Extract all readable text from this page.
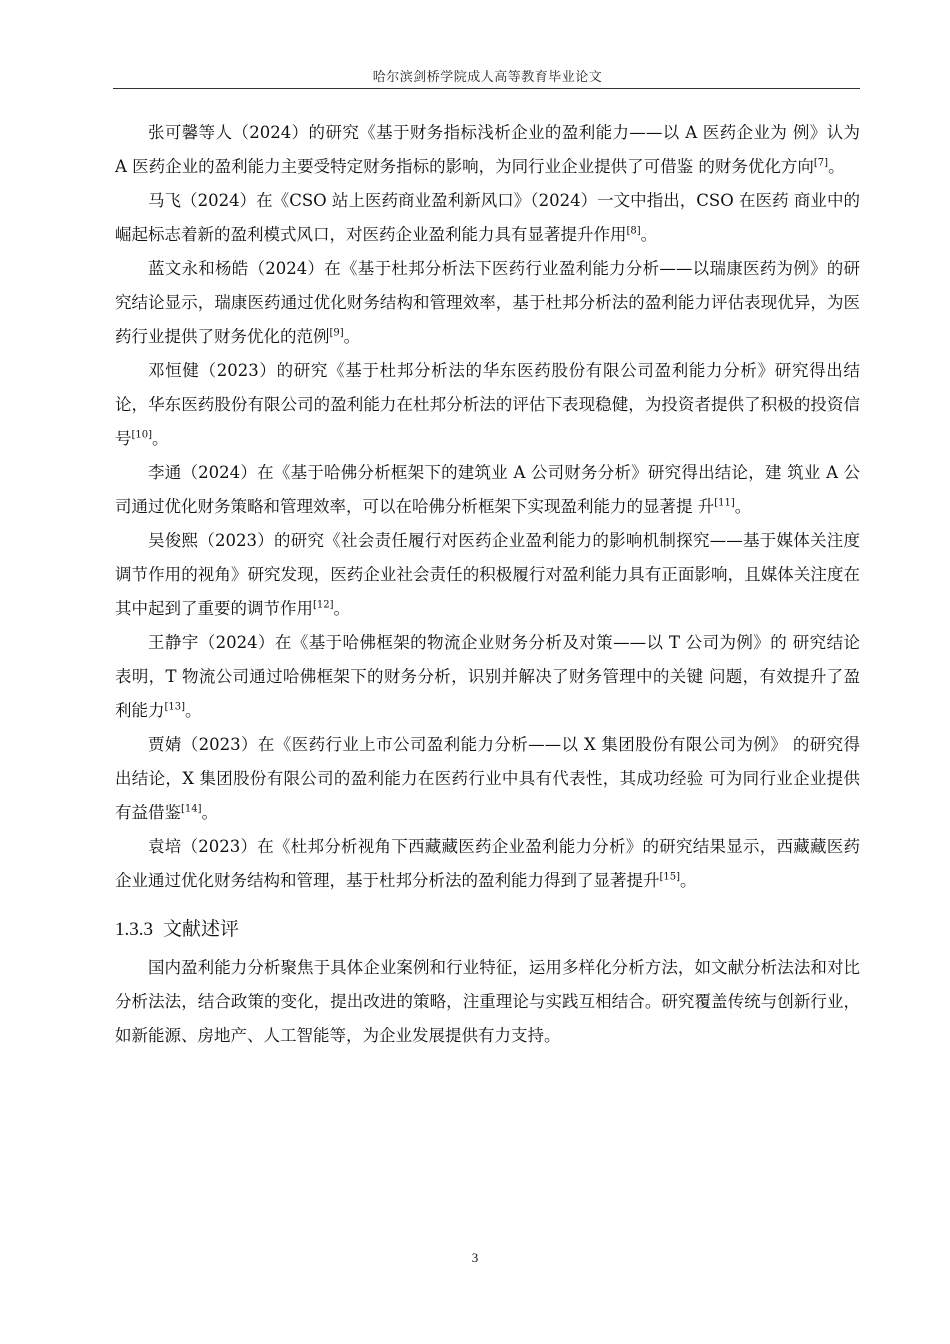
哈尔滨剑桥学院成人高等教育毕业论文

张可馨等人（2024）的研究《基于财务指标浅析企业的盈利能力——以 A 医药企业为 例》认为 A 医药企业的盈利能力主要受特定财务指标的影响，为同行业企业提供了可借鉴 的财务优化方向[7]。

马飞（2024）在《CSO 站上医药商业盈利新风口》（2024）一文中指出，CSO 在医药 商业中的崛起标志着新的盈利模式风口，对医药企业盈利能力具有显著提升作用[8]。

蓝文永和杨皓（2024）在《基于杜邦分析法下医药行业盈利能力分析——以瑞康医药为例》的研究结论显示，瑞康医药通过优化财务结构和管理效率，基于杜邦分析法的盈利能力评估表现优异，为医药行业提供了财务优化的范例[9]。

邓恒健（2023）的研究《基于杜邦分析法的华东医药股份有限公司盈利能力分析》研究得出结论，华东医药股份有限公司的盈利能力在杜邦分析法的评估下表现稳健，为投资者提供了积极的投资信号[10]。

李通（2024）在《基于哈佛分析框架下的建筑业 A 公司财务分析》研究得出结论，建 筑业 A 公司通过优化财务策略和管理效率，可以在哈佛分析框架下实现盈利能力的显著提 升[11]。

吴俊熙（2023）的研究《社会责任履行对医药企业盈利能力的影响机制探究——基于媒体关注度调节作用的视角》研究发现，医药企业社会责任的积极履行对盈利能力具有正面影响，且媒体关注度在其中起到了重要的调节作用[12]。

王静宇（2024）在《基于哈佛框架的物流企业财务分析及对策——以 T 公司为例》的 研究结论表明，T 物流公司通过哈佛框架下的财务分析，识别并解决了财务管理中的关键 问题，有效提升了盈利能力[13]。

贾婧（2023）在《医药行业上市公司盈利能力分析——以 X 集团股份有限公司为例》 的研究得出结论，X 集团股份有限公司的盈利能力在医药行业中具有代表性，其成功经验 可为同行业企业提供有益借鉴[14]。

袁培（2023）在《杜邦分析视角下西藏藏医药企业盈利能力分析》的研究结果显示，西藏藏医药企业通过优化财务结构和管理，基于杜邦分析法的盈利能力得到了显著提升[15]。

1.3.3 文献述评

国内盈利能力分析聚焦于具体企业案例和行业特征，运用多样化分析方法，如文献分析法法和对比分析法法，结合政策的变化，提出改进的策略，注重理论与实践互相结合。研究覆盖传统与创新行业，如新能源、房地产、人工智能等，为企业发展提供有力支持。

3
